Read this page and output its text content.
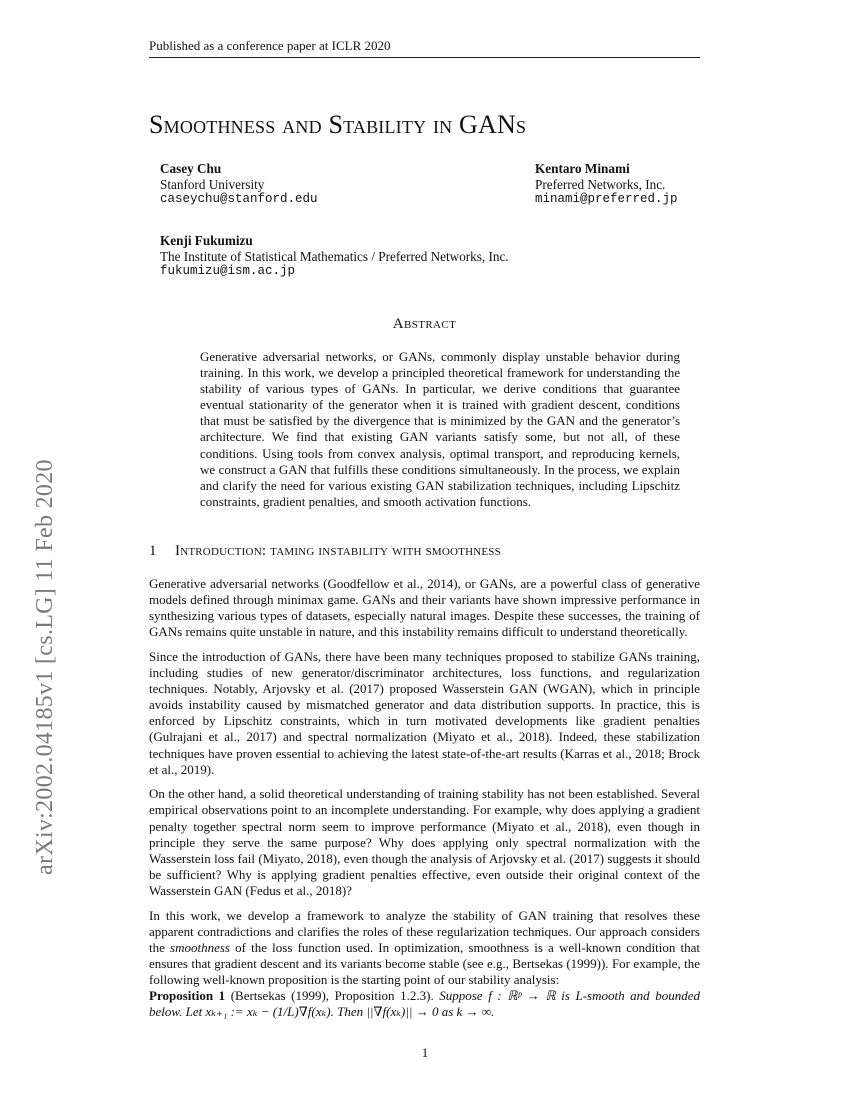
Published as a conference paper at ICLR 2020
Smoothness and Stability in GANs
Casey Chu
Stanford University
caseychu@stanford.edu
Kentaro Minami
Preferred Networks, Inc.
minami@preferred.jp
Kenji Fukumizu
The Institute of Statistical Mathematics / Preferred Networks, Inc.
fukumizu@ism.ac.jp
arXiv:2002.04185v1 [cs.LG] 11 Feb 2020
Abstract
Generative adversarial networks, or GANs, commonly display unstable behavior during training. In this work, we develop a principled theoretical framework for understanding the stability of various types of GANs. In particular, we derive conditions that guarantee eventual stationarity of the generator when it is trained with gradient descent, conditions that must be satisfied by the divergence that is minimized by the GAN and the generator’s architecture. We find that existing GAN variants satisfy some, but not all, of these conditions. Using tools from convex analysis, optimal transport, and reproducing kernels, we construct a GAN that fulfills these conditions simultaneously. In the process, we explain and clarify the need for various existing GAN stabilization techniques, including Lipschitz constraints, gradient penalties, and smooth activation functions.
1 Introduction: taming instability with smoothness

Generative adversarial networks (Goodfellow et al., 2014), or GANs, are a powerful class of generative models defined through minimax game. GANs and their variants have shown impressive performance in synthesizing various types of datasets, especially natural images. Despite these successes, the training of GANs remains quite unstable in nature, and this instability remains difficult to understand theoretically.

Since the introduction of GANs, there have been many techniques proposed to stabilize GANs training, including studies of new generator/discriminator architectures, loss functions, and regularization techniques. Notably, Arjovsky et al. (2017) proposed Wasserstein GAN (WGAN), which in principle avoids instability caused by mismatched generator and data distribution supports. In practice, this is enforced by Lipschitz constraints, which in turn motivated developments like gradient penalties (Gulrajani et al., 2017) and spectral normalization (Miyato et al., 2018). Indeed, these stabilization techniques have proven essential to achieving the latest state-of-the-art results (Karras et al., 2018; Brock et al., 2019).

On the other hand, a solid theoretical understanding of training stability has not been established. Several empirical observations point to an incomplete understanding. For example, why does applying a gradient penalty together spectral norm seem to improve performance (Miyato et al., 2018), even though in principle they serve the same purpose? Why does applying only spectral normalization with the Wasserstein loss fail (Miyato, 2018), even though the analysis of Arjovsky et al. (2017) suggests it should be sufficient? Why is applying gradient penalties effective, even outside their original context of the Wasserstein GAN (Fedus et al., 2018)?

In this work, we develop a framework to analyze the stability of GAN training that resolves these apparent contradictions and clarifies the roles of these regularization techniques. Our approach considers the smoothness of the loss function used. In optimization, smoothness is a well-known condition that ensures that gradient descent and its variants become stable (see e.g., Bertsekas (1999)). For example, the following well-known proposition is the starting point of our stability analysis:

Proposition 1 (Bertsekas (1999), Proposition 1.2.3). Suppose f : ℝᵖ → ℝ is L-smooth and bounded below. Let xₖ₊₁ := xₖ − (1/L)∇f(xₖ). Then ||∇f(xₖ)|| → 0 as k → ∞.
1
